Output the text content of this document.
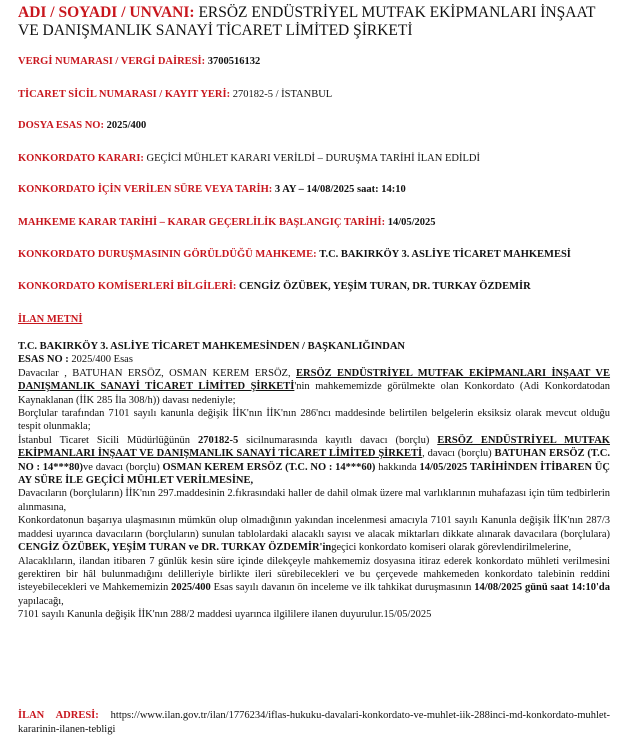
ADI / SOYADI / UNVANI: ERSÖZ ENDÜSTRİYEL MUTFAK EKİPMANLARI İNŞAAT VE DANIŞMANLIK SANAYİ TİCARET LİMİTED ŞİRKETİ

VERGİ NUMARASI / VERGİ DAİRESİ: 3700516132

TİCARET SİCİL NUMARASI / KAYIT YERİ: 270182-5 / İSTANBUL

DOSYA ESAS NO: 2025/400

KONKORDATO KARARI: GEÇİCİ MÜHLET KARARI VERİLDİ – DURUŞMA TARİHİ İLAN EDİLDİ

KONKORDATO İÇİN VERİLEN SÜRE VEYA TARİH: 3 AY – 14/08/2025 saat: 14:10

MAHKEME KARAR TARİHİ – KARAR GEÇERLİLİK BAŞLANGIÇ TARİHİ: 14/05/2025

KONKORDATO DURUŞMASININ GÖRÜLDÜĞÜ MAHKEME: T.C. BAKIRKÖY 3. ASLİYE TİCARET MAHKEMESİ

KONKORDATO KOMİSERLERİ BİLGİLERİ: CENGİZ ÖZÜBEK, YEŞİM TURAN, DR. TURKAY ÖZDEMİR

İLAN METNİ

T.C. BAKIRKÖY 3. ASLİYE TİCARET MAHKEMESİNDEN / BAŞKANLIĞINDAN

ESAS NO : 2025/400 Esas

Davacılar , BATUHAN ERSÖZ, OSMAN KEREM ERSÖZ, ERSÖZ ENDÜSTRİYEL MUTFAK EKİPMANLARI İNŞAAT VE DANIŞMANLIK SANAYİ TİCARET LİMİTED ŞİRKETİ'nin mahkememizde görülmekte olan Konkordato (Adi Konkordatodan Kaynaklanan (İİK 285 İla 308/h)) davası nedeniyle;

Borçlular tarafından 7101 sayılı kanunla değişik İİK'nın İİK'nın 286'ncı maddesinde belirtilen belgelerin eksiksiz olarak mevcut olduğu tespit olunmakla;

İstanbul Ticaret Sicili Müdürlüğünün 270182-5 sicilnumarasında kayıtlı davacı (borçlu) ERSÖZ ENDÜSTRİYEL MUTFAK EKİPMANLARI İNŞAAT VE DANIŞMANLIK SANAYİ TİCARET LİMİTED ŞİRKETİ, davacı (borçlu) BATUHAN ERSÖZ (T.C. NO : 14***80)ve davacı (borçlu) OSMAN KEREM ERSÖZ (T.C. NO : 14***60) hakkında 14/05/2025 TARİHİNDEN İTİBAREN ÜÇ AY SÜRE İLE GEÇİCİ MÜHLET VERİLMESİNE,

Davacıların (borçluların) İİK'nın 297.maddesinin 2.fıkrasındaki haller de dahil olmak üzere mal varlıklarının muhafazası için tüm tedbirlerin alınmasına,

Konkordatonun başarıya ulaşmasının mümkün olup olmadığının yakından incelenmesi amacıyla 7101 sayılı Kanunla değişik İİK'nın 287/3 maddesi uyarınca davacıların (borçluların) sunulan tablolardaki alacaklı sayısı ve alacak miktarları dikkate alınarak davacılara (borçlulara) CENGİZ ÖZÜBEK, YEŞİM TURAN ve DR. TURKAY ÖZDEMİR'ingeçici konkordato komiseri olarak görevlendirilmelerine,

Alacaklıların, ilandan itibaren 7 günlük kesin süre içinde dilekçeyle mahkememiz dosyasına itiraz ederek konkordato mühleti verilmesini gerektiren bir hâl bulunmadığını delilleriyle birlikte ileri sürebilecekleri ve bu çerçevede mahkemeden konkordato talebinin reddini isteyebilecekleri ve Mahkememizin 2025/400 Esas sayılı davanın ön inceleme ve ilk tahkikat duruşmasının 14/08/2025 günü saat 14:10'da yapılacağı,

7101 sayılı Kanunla değişik İİK'nın 288/2 maddesi uyarınca ilgililere ilanen duyurulur.15/05/2025

İLAN ADRESİ: https://www.ilan.gov.tr/ilan/1776234/iflas-hukuku-davalari-konkordato-ve-muhlet-iik-288inci-md-konkordato-muhlet-kararinin-ilanen-tebligi
